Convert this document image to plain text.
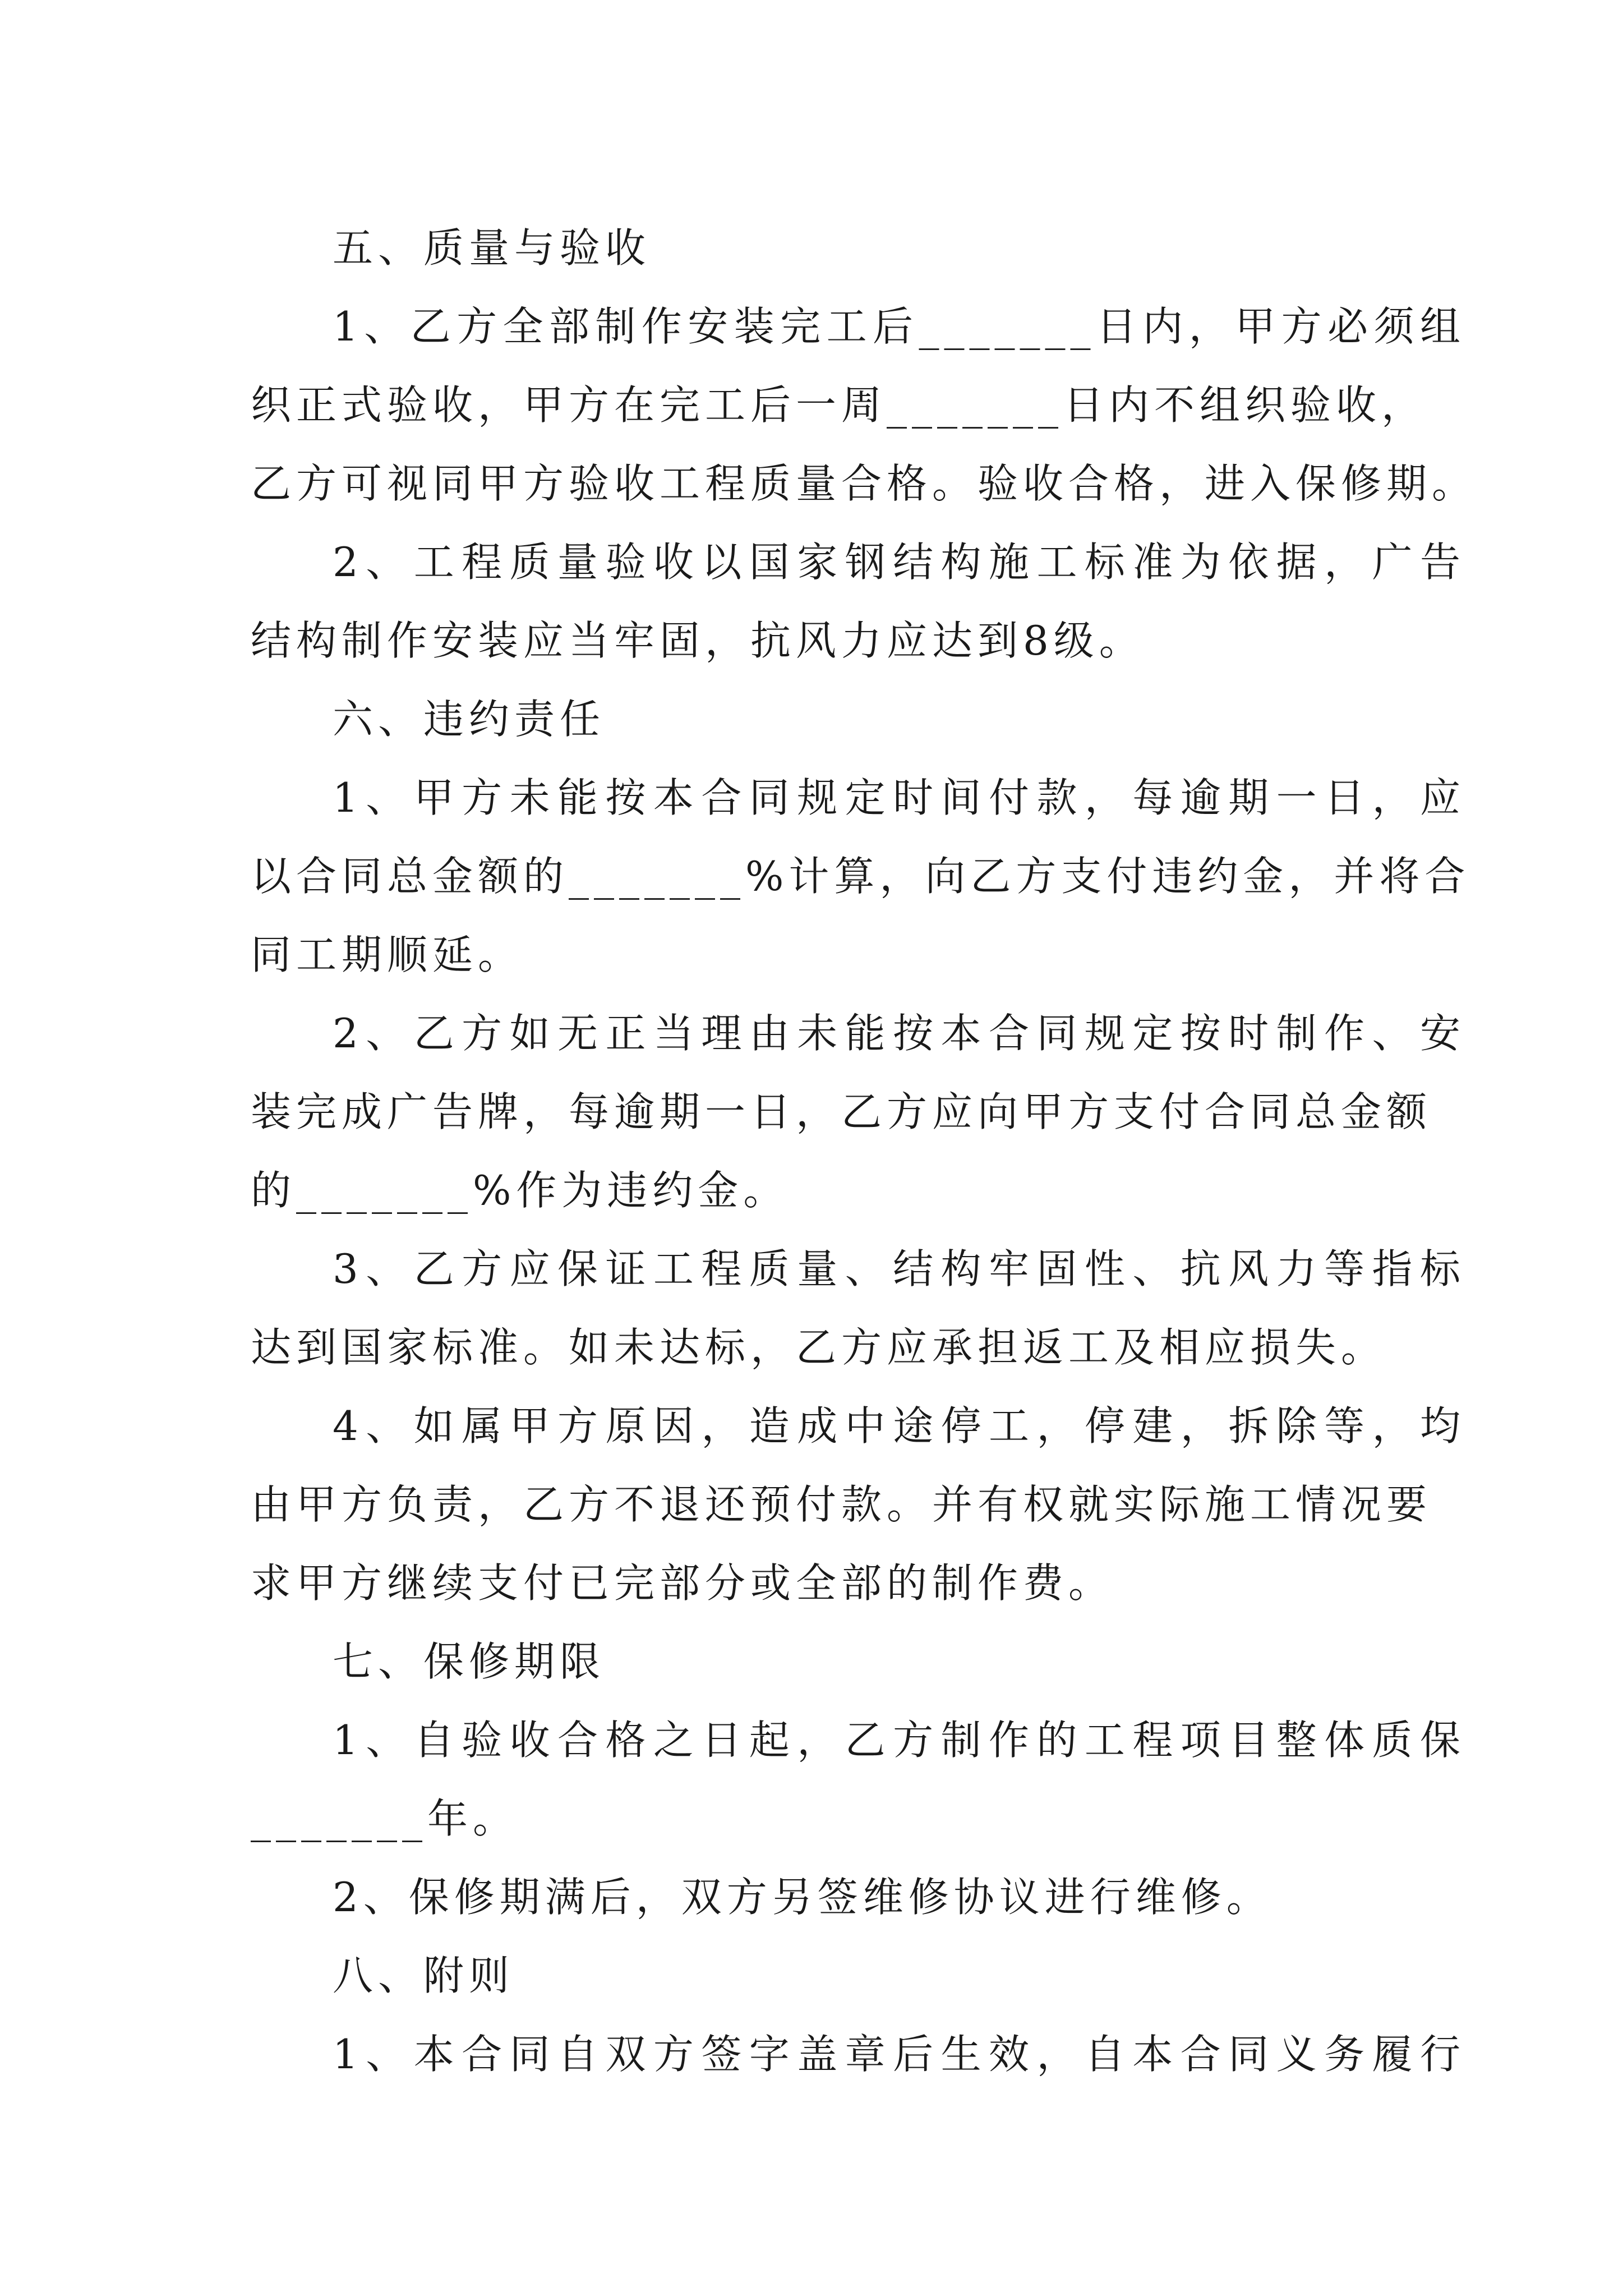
五、质量与验收
1、乙方全部制作安装完工后_______日内，甲方必须组
织正式验收，甲方在完工后一周_______日内不组织验收，
乙方可视同甲方验收工程质量合格。验收合格，进入保修期。
2、工程质量验收以国家钢结构施工标准为依据，广告
结构制作安装应当牢固，抗风力应达到8级。
六、违约责任
1、甲方未能按本合同规定时间付款，每逾期一日，应
以合同总金额的_______%计算，向乙方支付违约金，并将合
同工期顺延。
2、乙方如无正当理由未能按本合同规定按时制作、安
装完成广告牌，每逾期一日，乙方应向甲方支付合同总金额
的_______%作为违约金。
3、乙方应保证工程质量、结构牢固性、抗风力等指标
达到国家标准。如未达标，乙方应承担返工及相应损失。
4、如属甲方原因，造成中途停工，停建，拆除等，均
由甲方负责，乙方不退还预付款。并有权就实际施工情况要
求甲方继续支付已完部分或全部的制作费。
七、保修期限
1、自验收合格之日起，乙方制作的工程项目整体质保
_______年。
2、保修期满后，双方另签维修协议进行维修。
八、附则
1、本合同自双方签字盖章后生效，自本合同义务履行
